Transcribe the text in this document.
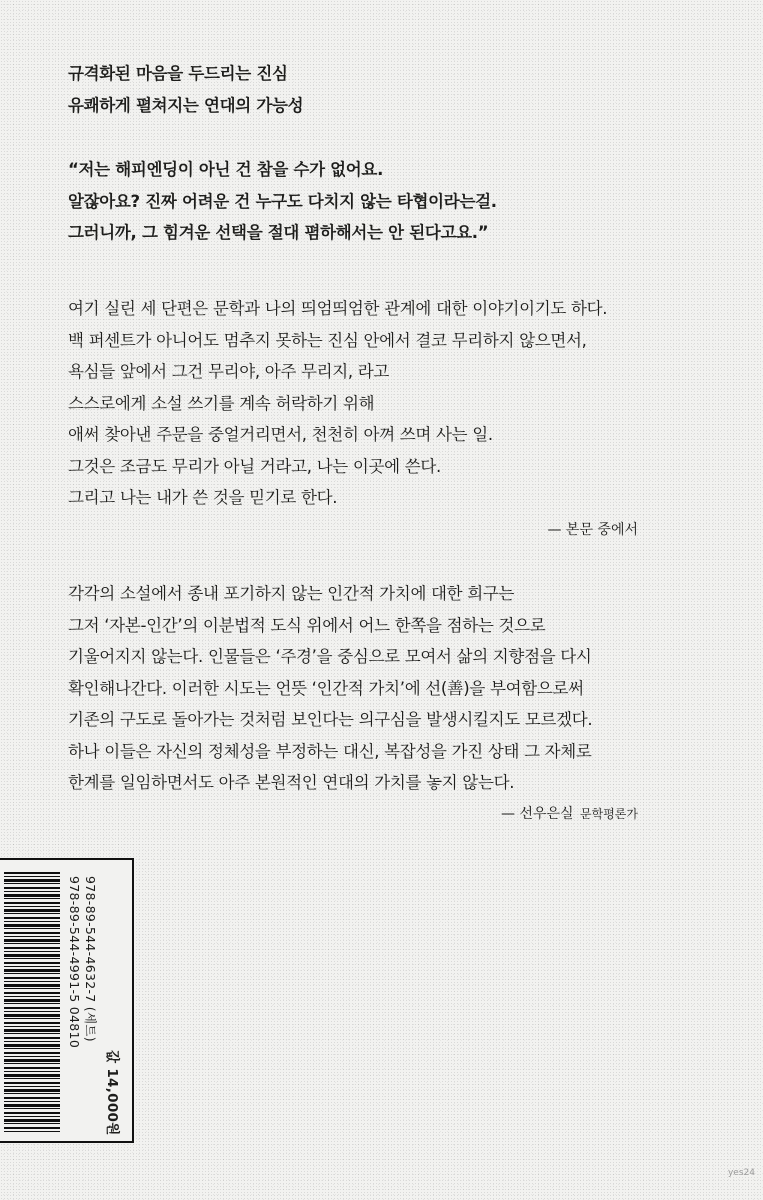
규격화된 마음을 두드리는 진심
유쾌하게 펼쳐지는 연대의 가능성
“저는 해피엔딩이 아닌 건 참을 수가 없어요.
알잖아요? 진짜 어려운 건 누구도 다치지 않는 타협이라는걸.
그러니까, 그 힘겨운 선택을 절대 폄하해서는 안 된다고요.”
여기 실린 세 단편은 문학과 나의 띄엄띄엄한 관계에 대한 이야기이기도 하다.
백 퍼센트가 아니어도 멈추지 못하는 진심 안에서 결코 무리하지 않으면서,
욕심들 앞에서 그건 무리야, 아주 무리지, 라고
스스로에게 소설 쓰기를 계속 허락하기 위해
애써 찾아낸 주문을 중얼거리면서, 천천히 아껴 쓰며 사는 일.
그것은 조금도 무리가 아닐 거라고, 나는 이곳에 쓴다.
그리고 나는 내가 쓴 것을 믿기로 한다.
— 본문 중에서
각각의 소설에서 종내 포기하지 않는 인간적 가치에 대한 희구는
그저 ‘자본-인간’의 이분법적 도식 위에서 어느 한쪽을 점하는 것으로
기울어지지 않는다. 인물들은 ‘주경’을 중심으로 모여서 삶의 지향점을 다시
확인해나간다. 이러한 시도는 언뜻 ‘인간적 가치’에 선(善)을 부여함으로써
기존의 구도로 돌아가는 것처럼 보인다는 의구심을 발생시킬지도 모르겠다.
하나 이들은 자신의 정체성을 부정하는 대신, 복잡성을 가진 상태 그 자체로
한계를 일임하면서도 아주 본원적인 연대의 가치를 놓지 않는다.
— 선우은실 문학평론가
978-89-544-4991-5 04810 978-89-544-4632-7 (세트)
값 14,000원
yes24
